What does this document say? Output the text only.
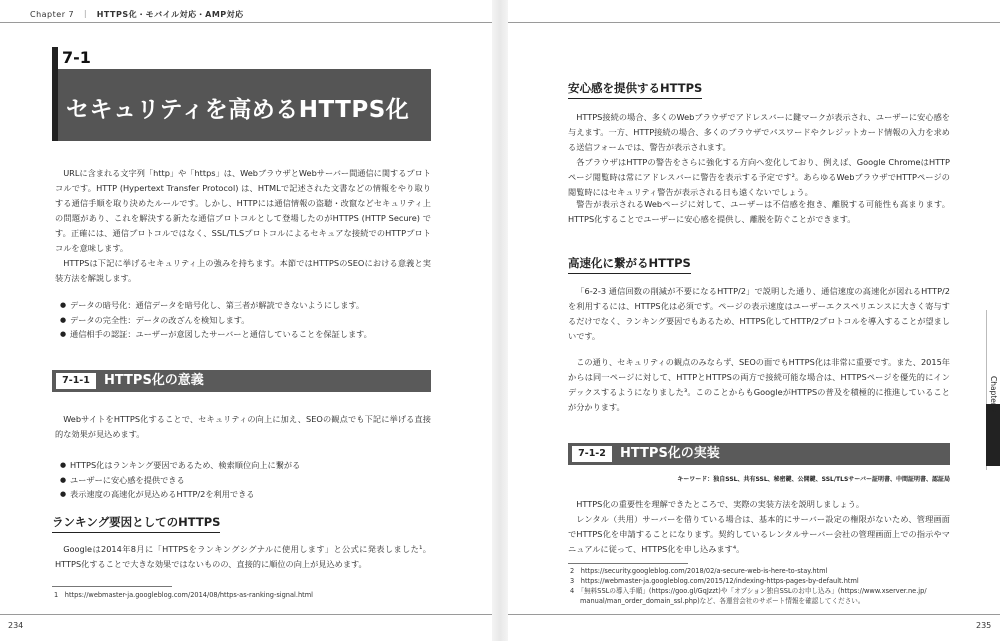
Chapter 7 ｜ HTTPS化・モバイル対応・AMP対応
7-1
セキュリティを高めるHTTPS化
URLに含まれる文字列「http」や「https」は、WebブラウザとWebサーバー間通信に関するプロトコルです。HTTP (Hypertext Transfer Protocol) は、HTMLで記述された文書などの情報をやり取りする通信手順を取り決めたルールです。しかし、HTTPには通信情報の盗聴・改竄などセキュリティ上の問題があり、これを解決する新たな通信プロトコルとして登場したのがHTTPS (HTTP Secure) です。正確には、通信プロトコルではなく、SSL/TLSプロトコルによるセキュアな接続でのHTTPプロトコルを意味します。
HTTPSは下記に挙げるセキュリティ上の強みを持ちます。本節ではHTTPSのSEOにおける意義と実装方法を解説します。
● データの暗号化：通信データを暗号化し、第三者が解読できないようにします。
● データの完全性：データの改ざんを検知します。
● 通信相手の認証：ユーザーが意図したサーバーと通信していることを保証します。
7-1-1	HTTPS化の意義
WebサイトをHTTPS化することで、セキュリティの向上に加え、SEOの観点でも下記に挙げる直接的な効果が見込めます。
● HTTPS化はランキング要因であるため、検索順位向上に繋がる
● ユーザーに安心感を提供できる
● 表示速度の高速化が見込めるHTTP/2を利用できる
ランキング要因としてのHTTPS
Googleは2014年8月に「HTTPSをランキングシグナルに使用します」と公式に発表しました¹。HTTPS化することで大きな効果ではないものの、直接的に順位の向上が見込めます。
1　https://webmaster-ja.googleblog.com/2014/08/https-as-ranking-signal.html
234
安心感を提供するHTTPS
HTTPS接続の場合、多くのWebブラウザでアドレスバーに鍵マークが表示され、ユーザーに安心感を与えます。一方、HTTP接続の場合、多くのブラウザでパスワードやクレジットカード情報の入力を求める送信フォームでは、警告が表示されます。
各ブラウザはHTTPの警告をさらに強化する方向へ変化しており、例えば、Google ChromeはHTTPページ閲覧時は常にアドレスバーに警告を表示する予定です²。あらゆるWebブラウザでHTTPページの閲覧時にはセキュリティ警告が表示される日も遠くないでしょう。
警告が表示されるWebページに対して、ユーザーは不信感を抱き、離脱する可能性も高まります。HTTPS化することでユーザーに安心感を提供し、離脱を防ぐことができます。
高速化に繋がるHTTPS
「6-2-3 通信回数の削減が不要になるHTTP/2」で説明した通り、通信速度の高速化が図れるHTTP/2を利用するには、HTTPS化は必須です。ページの表示速度はユーザーエクスペリエンスに大きく寄与するだけでなく、ランキング要因でもあるため、HTTPS化してHTTP/2プロトコルを導入することが望ましいです。
この通り、セキュリティの観点のみならず、SEOの面でもHTTPS化は非常に重要です。また、2015年からは同一ページに対して、HTTPとHTTPSの両方で接続可能な場合は、HTTPSページを優先的にインデックスするようになりました³。このことからもGoogleがHTTPSの普及を積極的に推進していることが分かります。
7-1-2	HTTPS化の実装
キーワード：独自SSL、共有SSL、秘密鍵、公開鍵、SSL/TLSサーバー証明書、中間証明書、認証局
HTTPS化の重要性を理解できたところで、実際の実装方法を説明しましょう。
レンタル（共用）サーバーを借りている場合は、基本的にサーバー設定の権限がないため、管理画面でHTTPS化を申請することになります。契約しているレンタルサーバー会社の管理画面上での指示やマニュアルに従って、HTTPS化を申し込みます⁴。
2　https://security.googleblog.com/2018/02/a-secure-web-is-here-to-stay.html
3　https://webmaster-ja.googleblog.com/2015/12/indexing-https-pages-by-default.html
4　「無料SSLの導入手順」(https://goo.gl/GqJzzt)や「オプション独自SSLのお申し込み」(https://www.xserver.ne.jp/
manual/man_order_domain_ssl.php)など、各運営会社のサポート情報を確認してください。
235
Chapter 7
